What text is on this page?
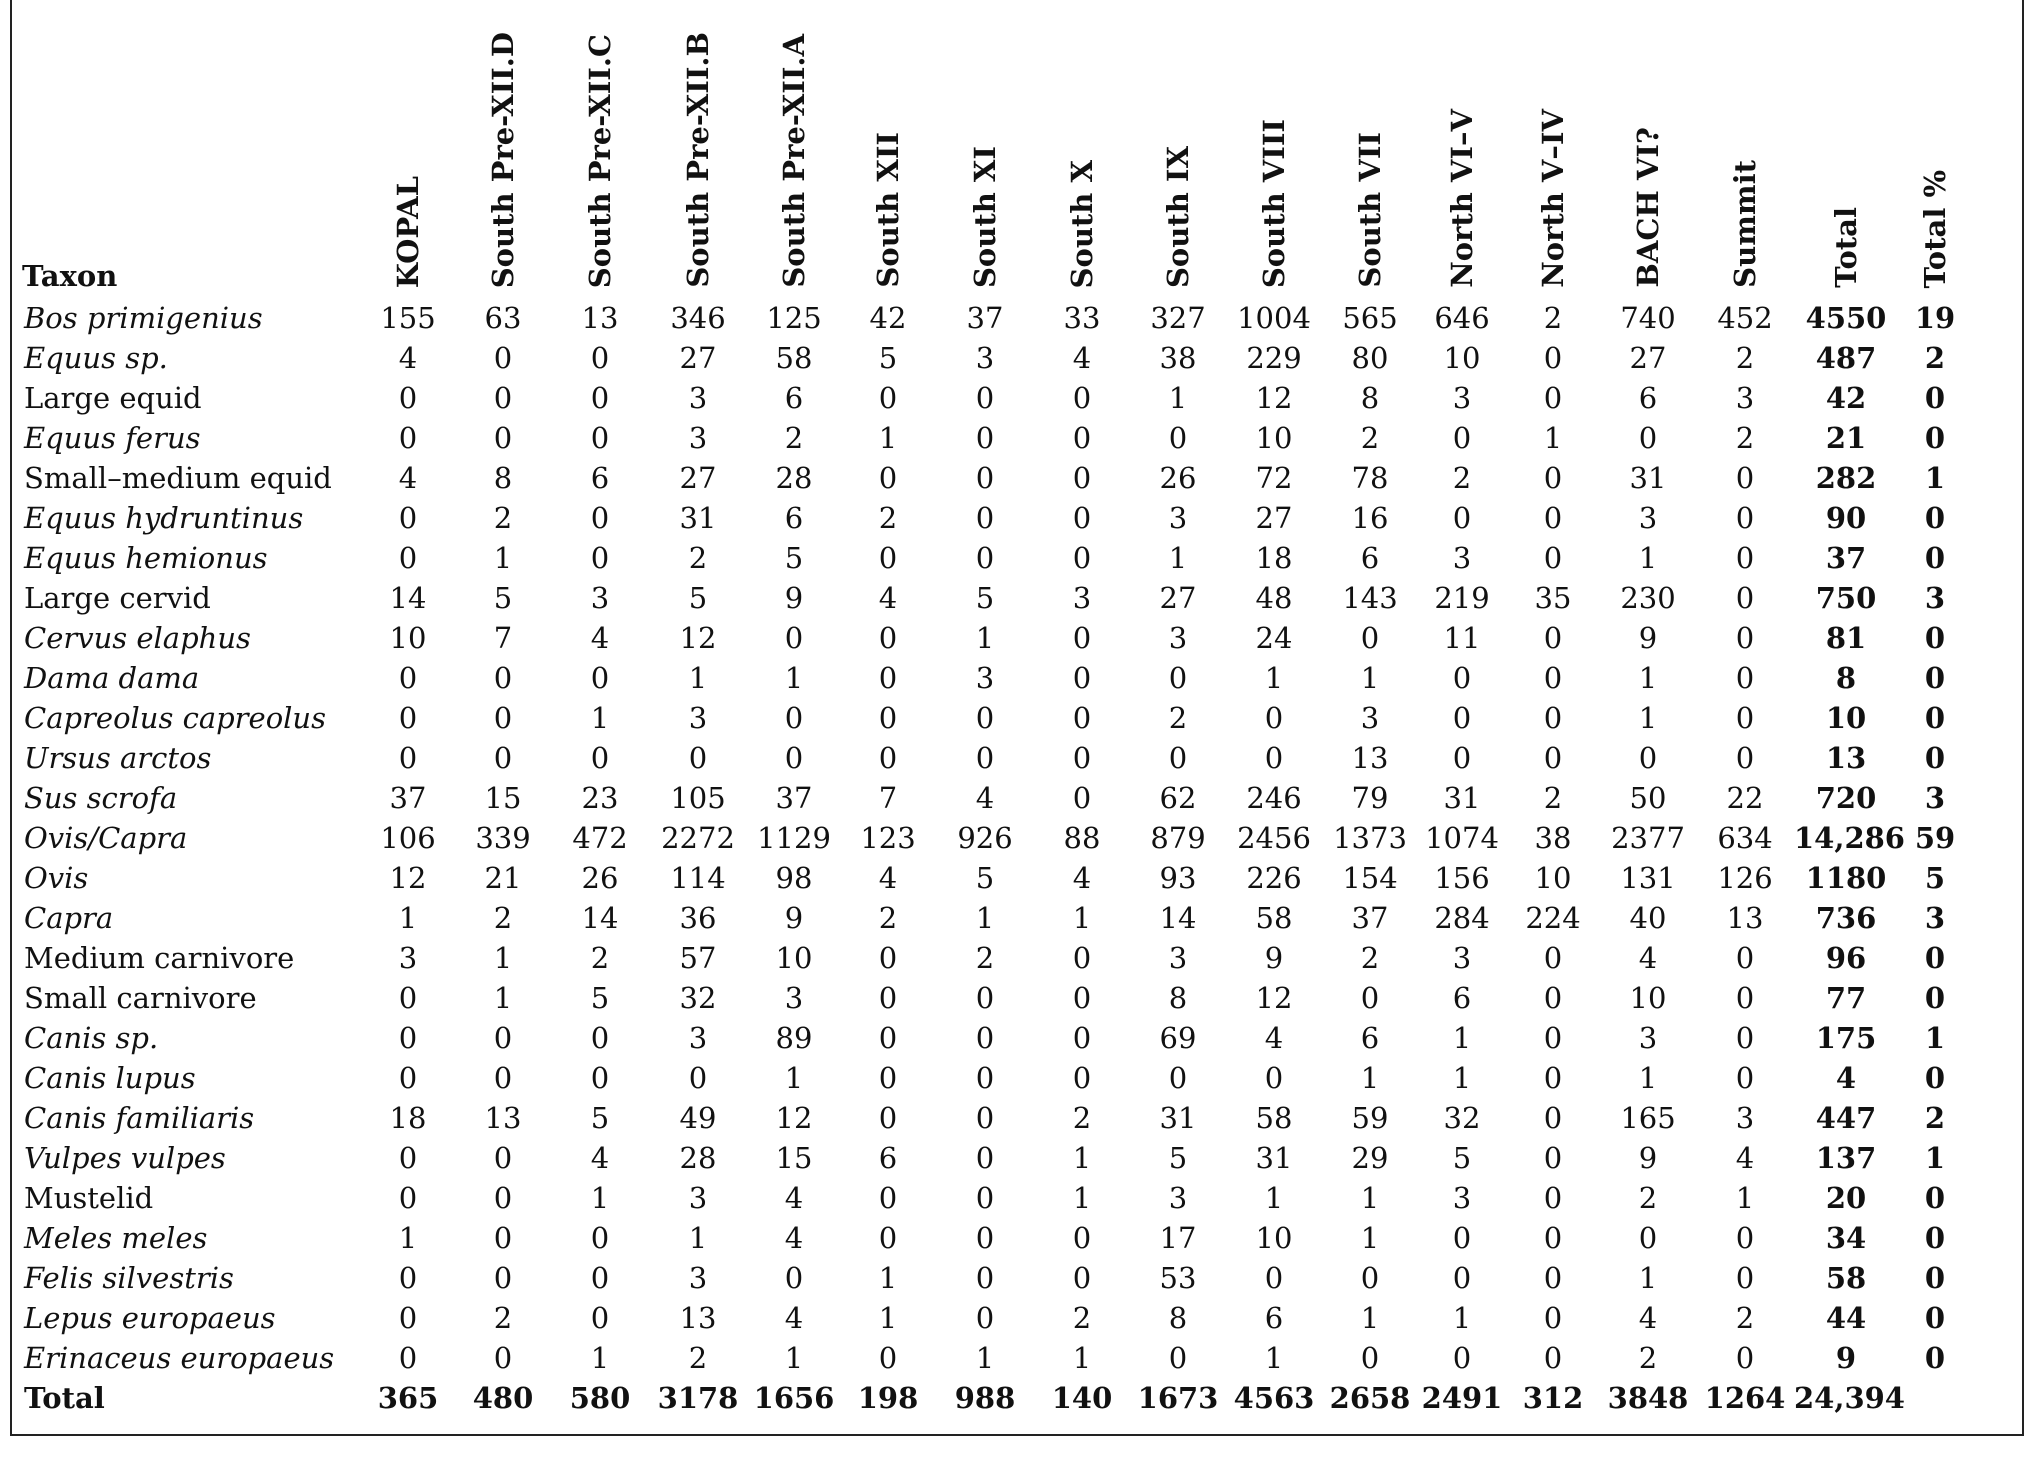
Taxon	KOPAL	South Pre-XII.D	South Pre-XII.C	South Pre-XII.B	South Pre-XII.A	South XII	South XI	South X	South IX	South VIII	South VII	North VI–V	North V–IV	BACH VI?	Summit	Total	Total %
Bos primigenius	155	63	13	346	125	42	37	33	327	1004	565	646	2	740	452	4550	19
Equus sp.	4	0	0	27	58	5	3	4	38	229	80	10	0	27	2	487	2
Large equid	0	0	0	3	6	0	0	0	1	12	8	3	0	6	3	42	0
Equus ferus	0	0	0	3	2	1	0	0	0	10	2	0	1	0	2	21	0
Small–medium equid	4	8	6	27	28	0	0	0	26	72	78	2	0	31	0	282	1
Equus hydruntinus	0	2	0	31	6	2	0	0	3	27	16	0	0	3	0	90	0
Equus hemionus	0	1	0	2	5	0	0	0	1	18	6	3	0	1	0	37	0
Large cervid	14	5	3	5	9	4	5	3	27	48	143	219	35	230	0	750	3
Cervus elaphus	10	7	4	12	0	0	1	0	3	24	0	11	0	9	0	81	0
Dama dama	0	0	0	1	1	0	3	0	0	1	1	0	0	1	0	8	0
Capreolus capreolus	0	0	1	3	0	0	0	0	2	0	3	0	0	1	0	10	0
Ursus arctos	0	0	0	0	0	0	0	0	0	0	13	0	0	0	0	13	0
Sus scrofa	37	15	23	105	37	7	4	0	62	246	79	31	2	50	22	720	3
Ovis/Capra	106	339	472	2272	1129	123	926	88	879	2456	1373	1074	38	2377	634	14,286	59
Ovis	12	21	26	114	98	4	5	4	93	226	154	156	10	131	126	1180	5
Capra	1	2	14	36	9	2	1	1	14	58	37	284	224	40	13	736	3
Medium carnivore	3	1	2	57	10	0	2	0	3	9	2	3	0	4	0	96	0
Small carnivore	0	1	5	32	3	0	0	0	8	12	0	6	0	10	0	77	0
Canis sp.	0	0	0	3	89	0	0	0	69	4	6	1	0	3	0	175	1
Canis lupus	0	0	0	0	1	0	0	0	0	0	1	1	0	1	0	4	0
Canis familiaris	18	13	5	49	12	0	0	2	31	58	59	32	0	165	3	447	2
Vulpes vulpes	0	0	4	28	15	6	0	1	5	31	29	5	0	9	4	137	1
Mustelid	0	0	1	3	4	0	0	1	3	1	1	3	0	2	1	20	0
Meles meles	1	0	0	1	4	0	0	0	17	10	1	0	0	0	0	34	0
Felis silvestris	0	0	0	3	0	1	0	0	53	0	0	0	0	1	0	58	0
Lepus europaeus	0	2	0	13	4	1	0	2	8	6	1	1	0	4	2	44	0
Erinaceus europaeus	0	0	1	2	1	0	1	1	0	1	0	0	0	2	0	9	0
Total	365	480	580	3178	1656	198	988	140	1673	4563	2658	2491	312	3848	1264	24,394	
